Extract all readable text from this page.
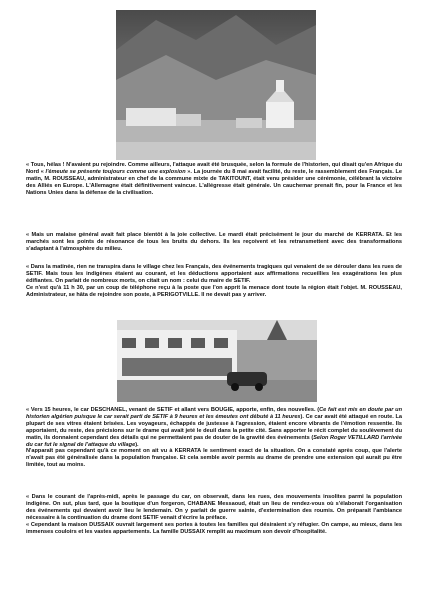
« Tous, hélas ! N'avaient pu rejoindre. Comme ailleurs, l'attaque avait été brusquée, selon la formule de l'historien, qui disait qu'en Afrique du Nord « l'émeute se présente toujours comme une explosion ». La journée du 8 mai avait facilité, du reste, le rassemblement des Français. Le matin, M. ROUSSEAU, administrateur en chef de la commune mixte de TAKITOUNT, était venu présider une cérémonie, célébrant la victoire des Alliés en Europe. L'Allemagne était définitivement vaincue. L'allégresse était générale. Un cauchemar prenait fin, pour la France et les Nations Unies dans la défense de la civilisation.

« Mais un malaise général avait fait place bientôt à la joie collective. Le mardi était précisément le jour du marché de KERRATA. Et les marchés sont les points de résonance de tous les bruits du dehors. Ils les reçoivent et les retransmettent avec des transformations s'adaptant à l'atmosphère du milieu.

« Dans la matinée, rien ne transpira dans le village chez les Français, des événements tragiques qui venaient de se dérouler dans les rues de SETIF. Mais tous les indigènes étaient au courant, et les déductions apportaient aux affirmations recueillies les exagérations les plus édifiantes. On parlait de nombreux morts, on citait un nom : celui du maire de SETIF.
Ce n'est qu'à 11 h 30, par un coup de téléphone reçu à la poste que l'on apprit la menace dont toute la région était l'objet. M. ROUSSEAU, Administrateur, se hâta de rejoindre son poste, à PERIGOTVILLE. Il ne devait pas y arriver.

« Vers 15 heures, le car DESCHANEL, venant de SETIF et allant vers BOUGIE, apporte, enfin, des nouvelles. (Ce fait est mis en doute par un historien algérien puisque le car serait parti de SETIF à 9 heures et les émeutes ont débuté à 11 heures). Ce car avait été attaqué en route. La plupart de ses vitres étaient brisées. Les voyageurs, échappés de justesse à l'agression, étaient encore vibrants de l'émotion ressentie. Ils apportaient, du reste, des précisions sur le drame qui avait jeté le deuil dans la petite cité. Sans apporter le récit complet du soulèvement du matin, ils donnaient cependant des détails qui ne permettaient pas de douter de la gravité des événements (Selon Roger VETILLARD l'arrivée du car fut le signal de l'attaque du village).
N'apparaît pas cependant qu'à ce moment on ait vu à KERRATA le sentiment exact de la situation. On a constaté après coup, que l'alerte n'avait pas été généralisée dans la population française. Et cela semble avoir permis au drame de prendre une extension qui aurait pu être limitée, tout au moins.

« Dans le courant de l'après-midi, après le passage du car, on observait, dans les rues, des mouvements insolites parmi la population indigène. On sut, plus tard, que la boutique d'un forgeron, CHABANE Messaoud, était un lieu de rendez-vous où s'élaborait l'organisation des événements qui devaient avoir lieu le lendemain. On y parlait de guerre sainte, d'extermination des roumis. On préparait l'ambiance nécessaire à la continuation du drame dont SETIF venait d'écrire la préface.
« Cependant la maison DUSSAIX ouvrait largement ses portes à toutes les familles qui désiraient s'y réfugier. On campe, au mieux, dans les immenses couloirs et les vastes appartements. La famille DUSSAIX remplit au maximum son devoir d'hospitalité.
